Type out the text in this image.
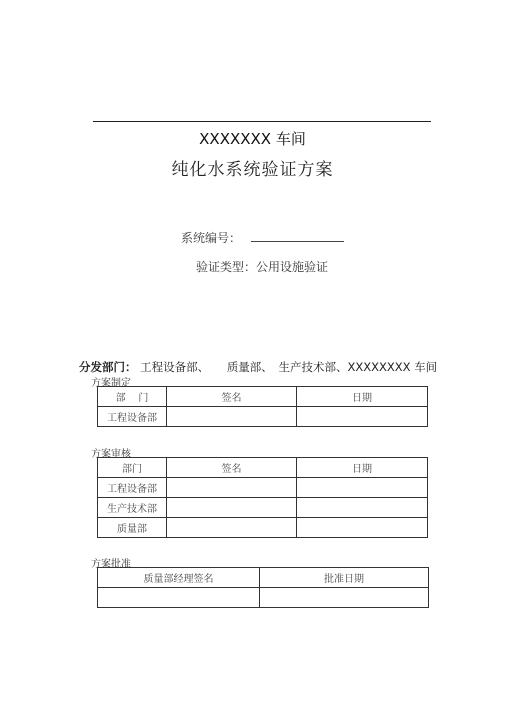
XXXXXXX 车间
纯化水系统验证方案
系统编号：
验证类型：公用设施验证
分发部门： 工程设备部、 质量部、 生产技术部、XXXXXXXX 车间
方案制定
部    门	签名	日期
工程设备部		
方案审核
部门	签名	日期
工程设备部		
生产技术部		
质量部		
方案批准
质量部经理签名	批准日期
